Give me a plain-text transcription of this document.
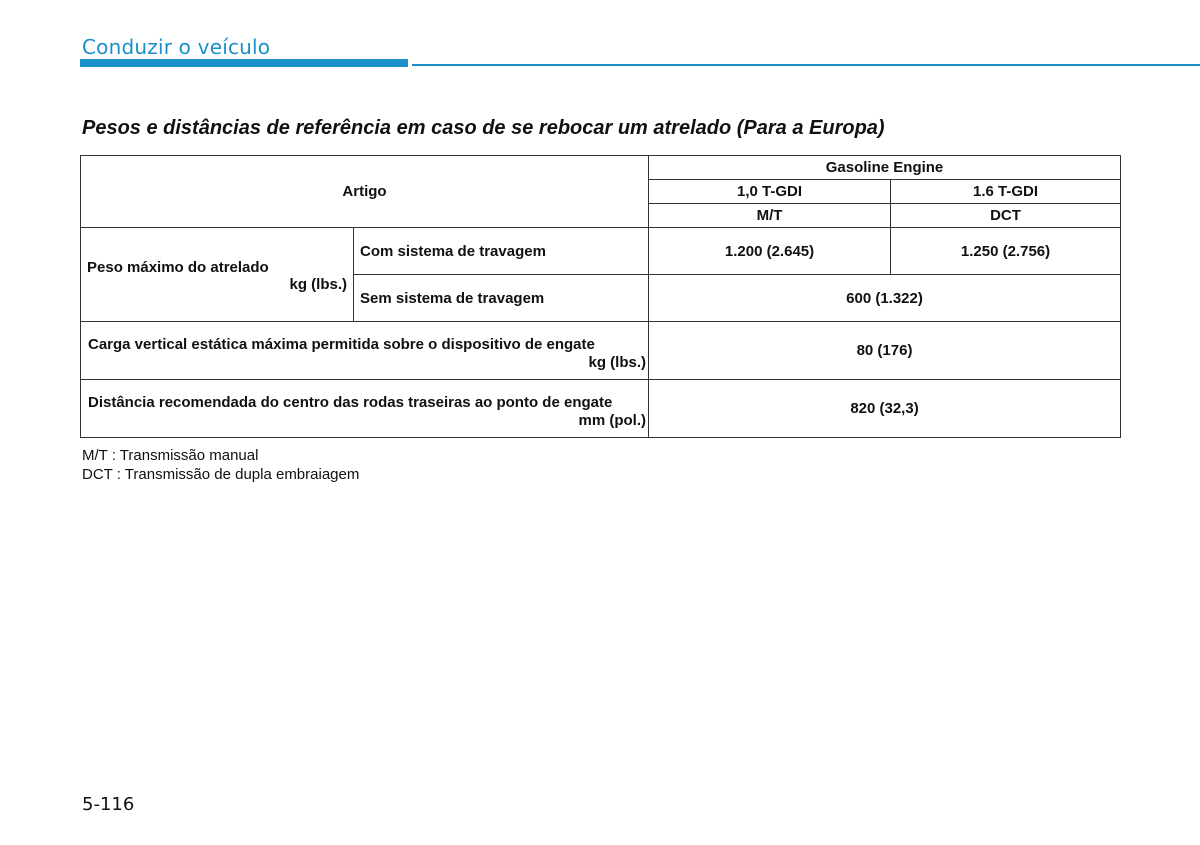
Conduzir o veículo
Pesos e distâncias de referência em caso de se rebocar um atrelado (Para a Europa)
Artigo		Gasoline Engine	
		1,0 T-GDI	1.6 T-GDI
		M/T	DCT

Peso máximo do atrelado
kg (lbs.)	Com sistema de travagem	1.200 (2.645)	1.250 (2.756)
	Sem sistema de travagem	600 (1.322)	

Carga vertical estática máxima permitida sobre o dispositivo de engate
kg (lbs.)		80 (176)	

Distância recomendada do centro das rodas traseiras ao ponto de engate
mm (pol.)		820 (32,3)	
M/T : Transmissão manual
DCT : Transmissão de dupla embraiagem
5-116
